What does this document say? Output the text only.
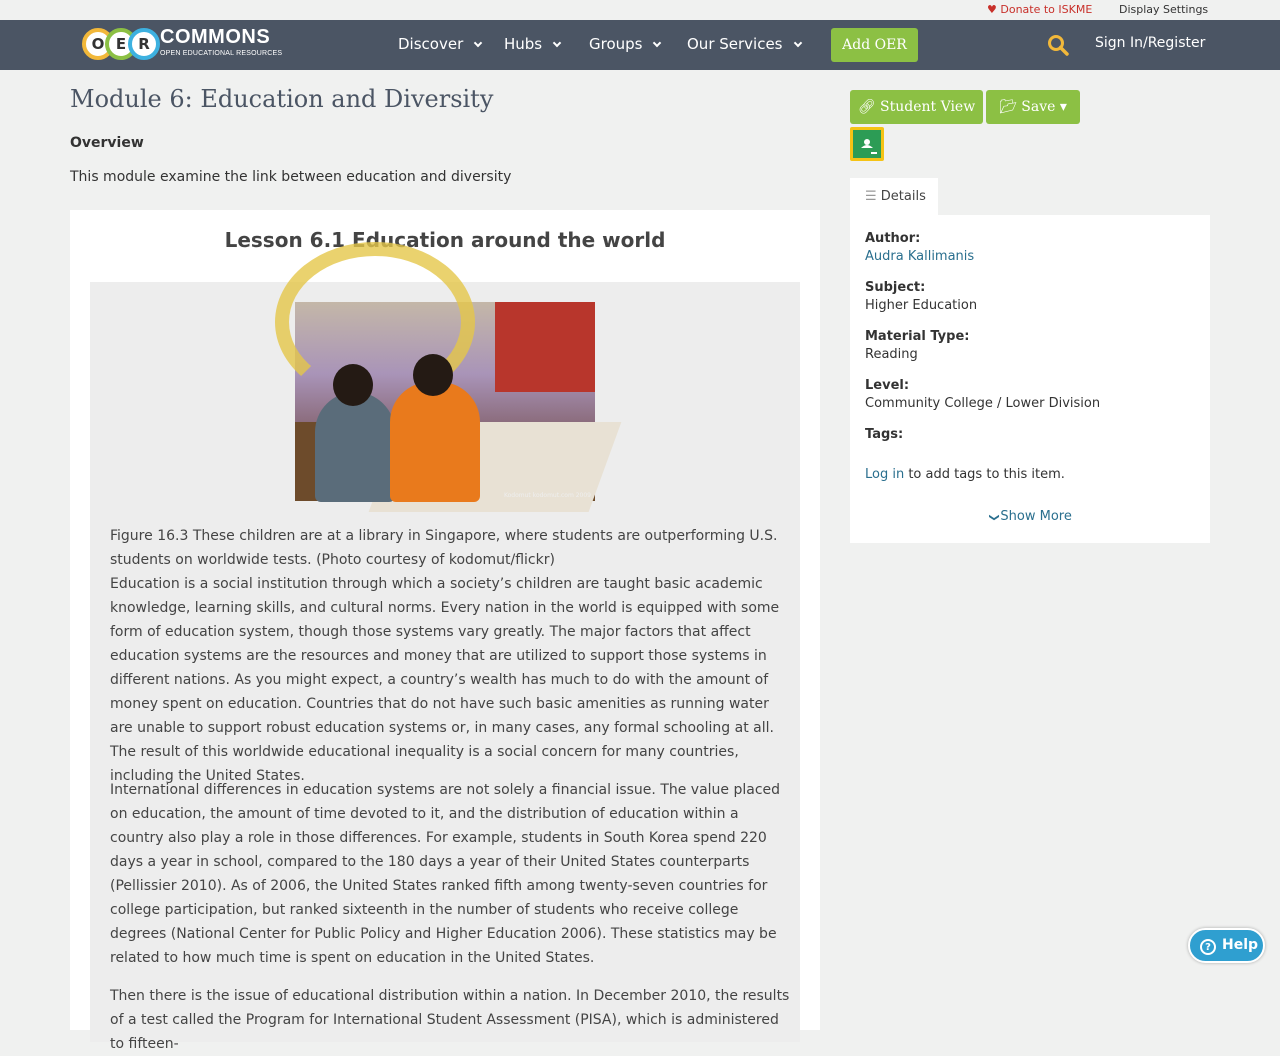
♥ Donate to ISKME Display Settings
O E R COMMONS
OPEN EDUCATIONAL RESOURCES
Discover	Hubs	Groups	Our Services	Add OER	Sign In/Register
Module 6: Education and Diversity
Overview
This module examine the link between education and diversity
Lesson 6.1 Education around the world
Kodomut kodomut.com 2009

Figure 16.3 These children are at a library in Singapore, where students are outperforming U.S. students on worldwide tests. (Photo courtesy of kodomut/flickr)

Education is a social institution through which a society’s children are taught basic academic knowledge, learning skills, and cultural norms. Every nation in the world is equipped with some form of education system, though those systems vary greatly. The major factors that affect education systems are the resources and money that are utilized to support those systems in different nations. As you might expect, a country’s wealth has much to do with the amount of money spent on education. Countries that do not have such basic amenities as running water are unable to support robust education systems or, in many cases, any formal schooling at all. The result of this worldwide educational inequality is a social concern for many countries, including the United States.

International differences in education systems are not solely a financial issue. The value placed on education, the amount of time devoted to it, and the distribution of education within a country also play a role in those differences. For example, students in South Korea spend 220 days a year in school, compared to the 180 days a year of their United States counterparts (Pellissier 2010). As of 2006, the United States ranked fifth among twenty-seven countries for college participation, but ranked sixteenth in the number of students who receive college degrees (National Center for Public Policy and Higher Education 2006). These statistics may be related to how much time is spent on education in the United States.

Then there is the issue of educational distribution within a nation. In December 2010, the results of a test called the Program for International Student Assessment (PISA), which is administered to fifteen-

🔗︎ Student View	📂︎ Save ▾
☰ Details
Author:
Audra Kallimanis
Subject:
Higher Education
Material Type:
Reading
Level:
Community College / Lower Division
Tags:
Log in to add tags to this item.
❯Show More
? Help
